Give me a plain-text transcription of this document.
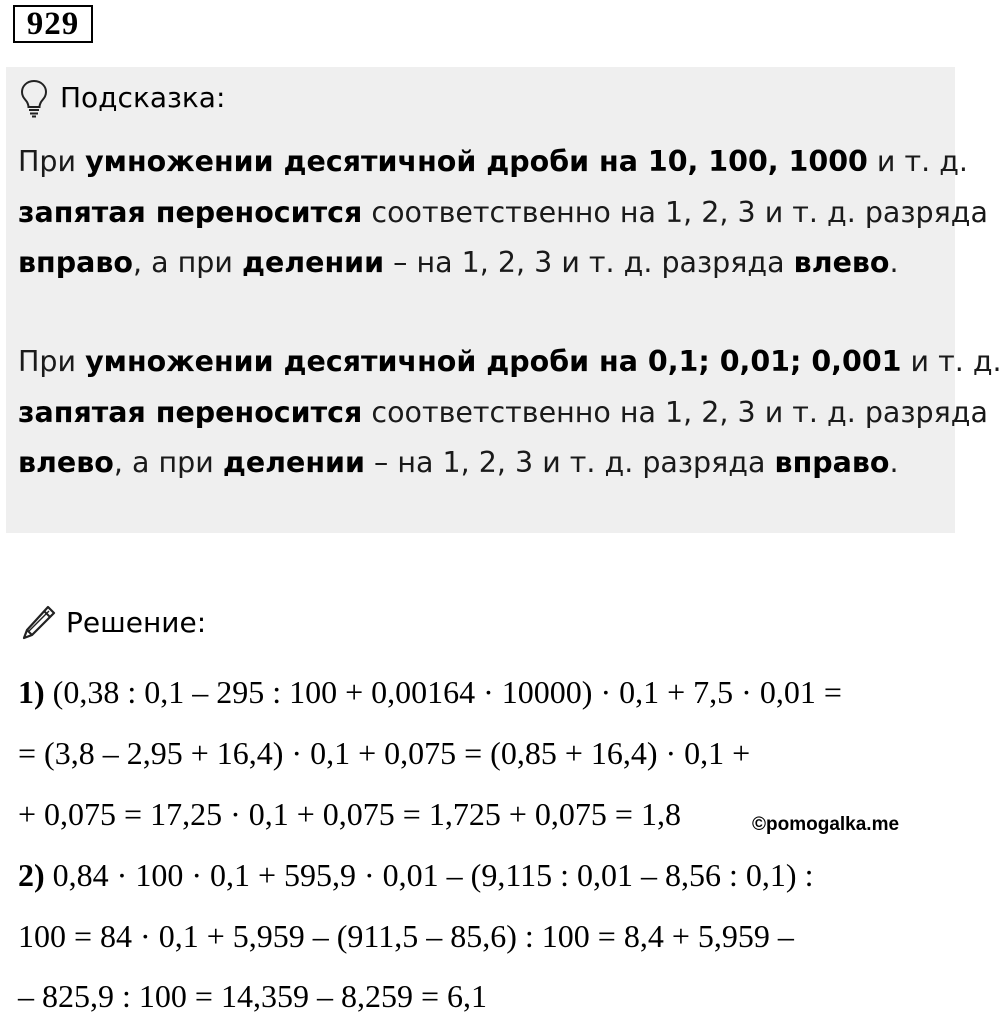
929
Подсказка:
При умножении десятичной дроби на 10, 100, 1000 и т. д.
запятая переносится соответственно на 1, 2, 3 и т. д. разряда
вправо, а при делении – на 1, 2, 3 и т. д. разряда влево.
При умножении десятичной дроби на 0,1; 0,01; 0,001 и т. д.
запятая переносится соответственно на 1, 2, 3 и т. д. разряда
влево, а при делении – на 1, 2, 3 и т. д. разряда вправо.
Решение:
1) (0,38 : 0,1 – 295 : 100 + 0,00164 · 10000) · 0,1 + 7,5 · 0,01 =
= (3,8 – 2,95 + 16,4) · 0,1 + 0,075 = (0,85 + 16,4) · 0,1 +
+ 0,075 = 17,25 · 0,1 + 0,075 = 1,725 + 0,075 = 1,8	©pomogalka.me
2) 0,84 · 100 · 0,1 + 595,9 · 0,01 – (9,115 : 0,01 – 8,56 : 0,1) :
100 = 84 · 0,1 + 5,959 – (911,5 – 85,6) : 100 = 8,4 + 5,959 –
– 825,9 : 100 = 14,359 – 8,259 = 6,1
